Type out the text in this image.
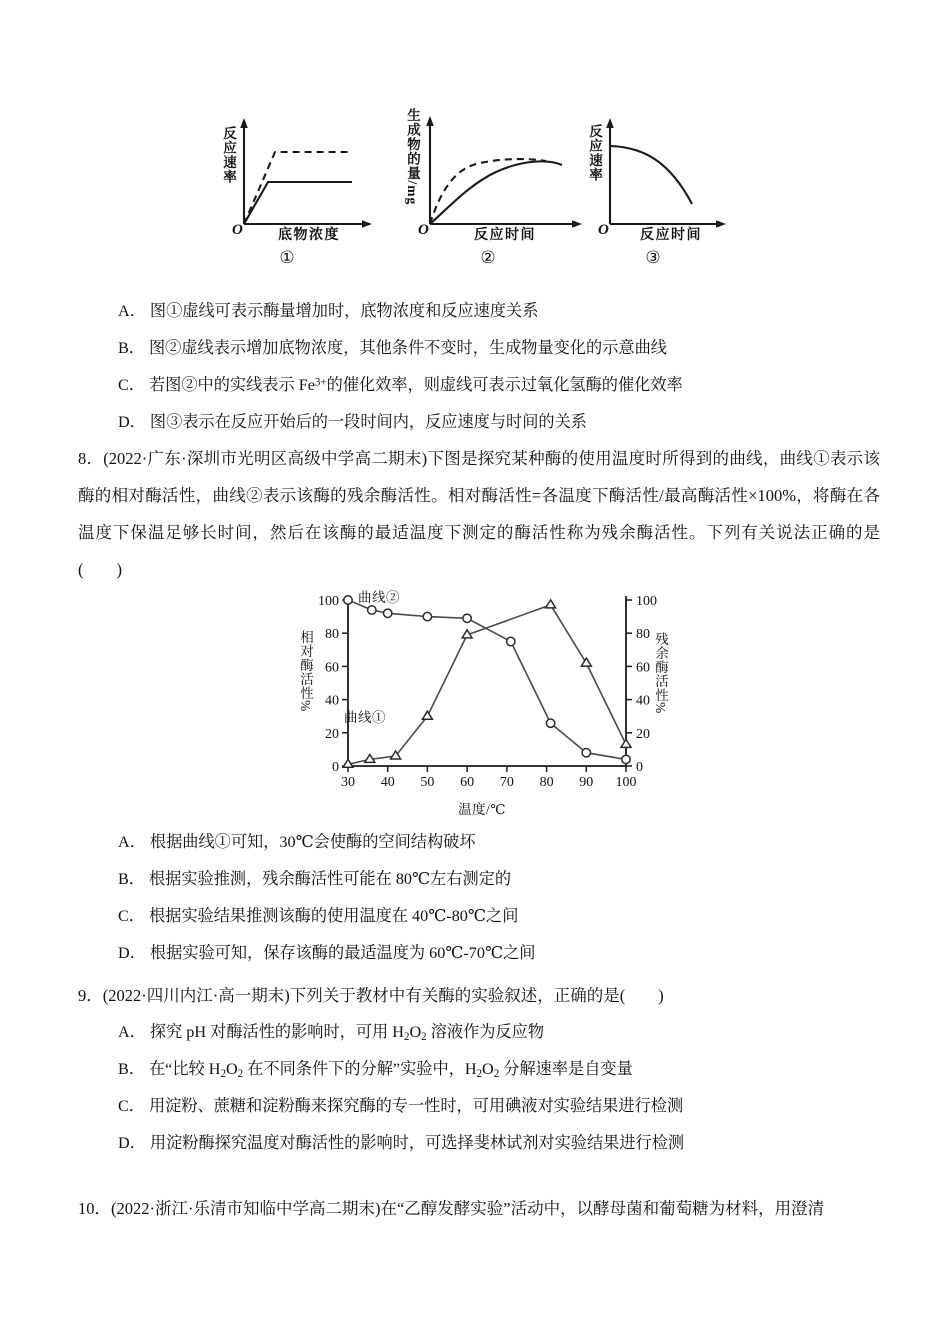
反应速率
O	底物浓度
①
生成物的量/mg
O	反应时间
②
反应速率
O 反应时间
③
A． 图①虚线可表示酶量增加时，底物浓度和反应速度关系
B． 图②虚线表示增加底物浓度，其他条件不变时，生成物量变化的示意曲线
C． 若图②中的实线表示 $Fe^{3+}$的催化效率，则虚线可表示过氧化氢酶的催化效率
D． 图③表示在反应开始后的一段时间内，反应速度与时间的关系
8．(2022·广东·深圳市光明区高级中学高二期末)下图是探究某种酶的使用温度时所得到的曲线，曲线①表示该酶的相对酶活性，曲线②表示该酶的残余酶活性。相对酶活性=各温度下酶活性/最高酶活性×100%，将酶在各温度下保温足够长时间，然后在该酶的最适温度下测定的酶活性称为残余酶活性。下列有关说法正确的是(　　)
0
20
40
60
80
100
0
20
40
60
80
100
30 40 50 60 70 80 90 100
相对酶活性%	残余酶活性%
温度/℃
曲线②
曲线①
A． 根据曲线①可知，30℃会使酶的空间结构破坏
B． 根据实验推测，残余酶活性可能在 80℃左右测定的
C． 根据实验结果推测该酶的使用温度在 40℃-80℃之间
D． 根据实验可知，保存该酶的最适温度为 60℃-70℃之间
9．(2022·四川内江·高一期末)下列关于教材中有关酶的实验叙述，正确的是(　　)
A． 探究 pH 对酶活性的影响时，可用 $H_2O_2$ 溶液作为反应物
B． 在“比较 $H_2O_2$ 在不同条件下的分解”实验中，$H_2O_2$ 分解速率是自变量
C． 用淀粉、蔗糖和淀粉酶来探究酶的专一性时，可用碘液对实验结果进行检测
D． 用淀粉酶探究温度对酶活性的影响时，可选择斐林试剂对实验结果进行检测
10．(2022·浙江·乐清市知临中学高二期末)在“乙醇发酵实验”活动中，以酵母菌和葡萄糖为材料，用澄清
